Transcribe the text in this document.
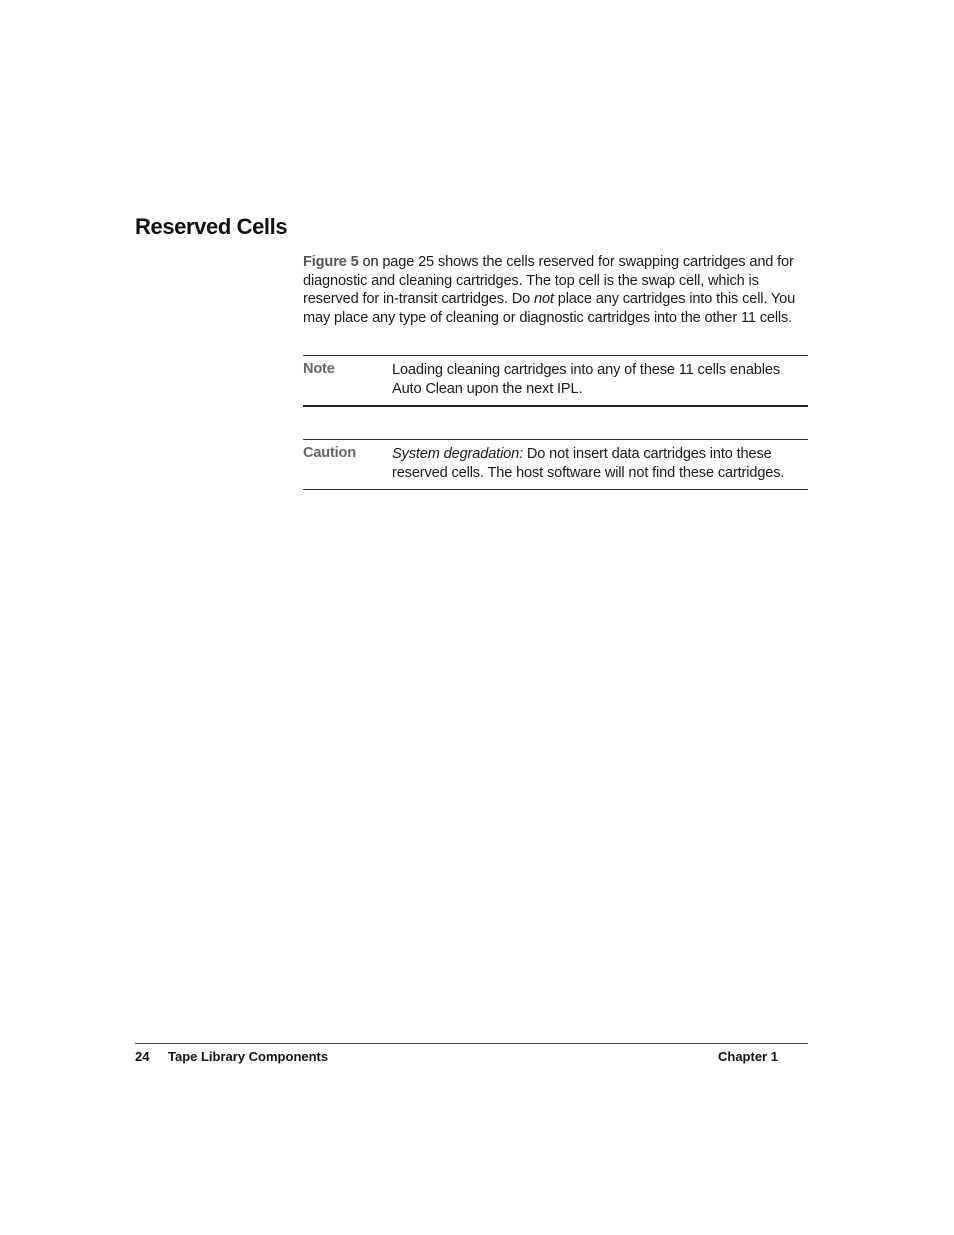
Reserved Cells

Figure 5 on page 25 shows the cells reserved for swapping cartridges and for diagnostic and cleaning cartridges. The top cell is the swap cell, which is reserved for in-transit cartridges. Do not place any cartridges into this cell. You may place any type of cleaning or diagnostic cartridges into the other 11 cells.

Note	Loading cleaning cartridges into any of these 11 cells enables Auto Clean upon the next IPL.
Caution	System degradation: Do not insert data cartridges into these reserved cells. The host software will not find these cartridges.
24 Tape Library Components	Chapter 1
